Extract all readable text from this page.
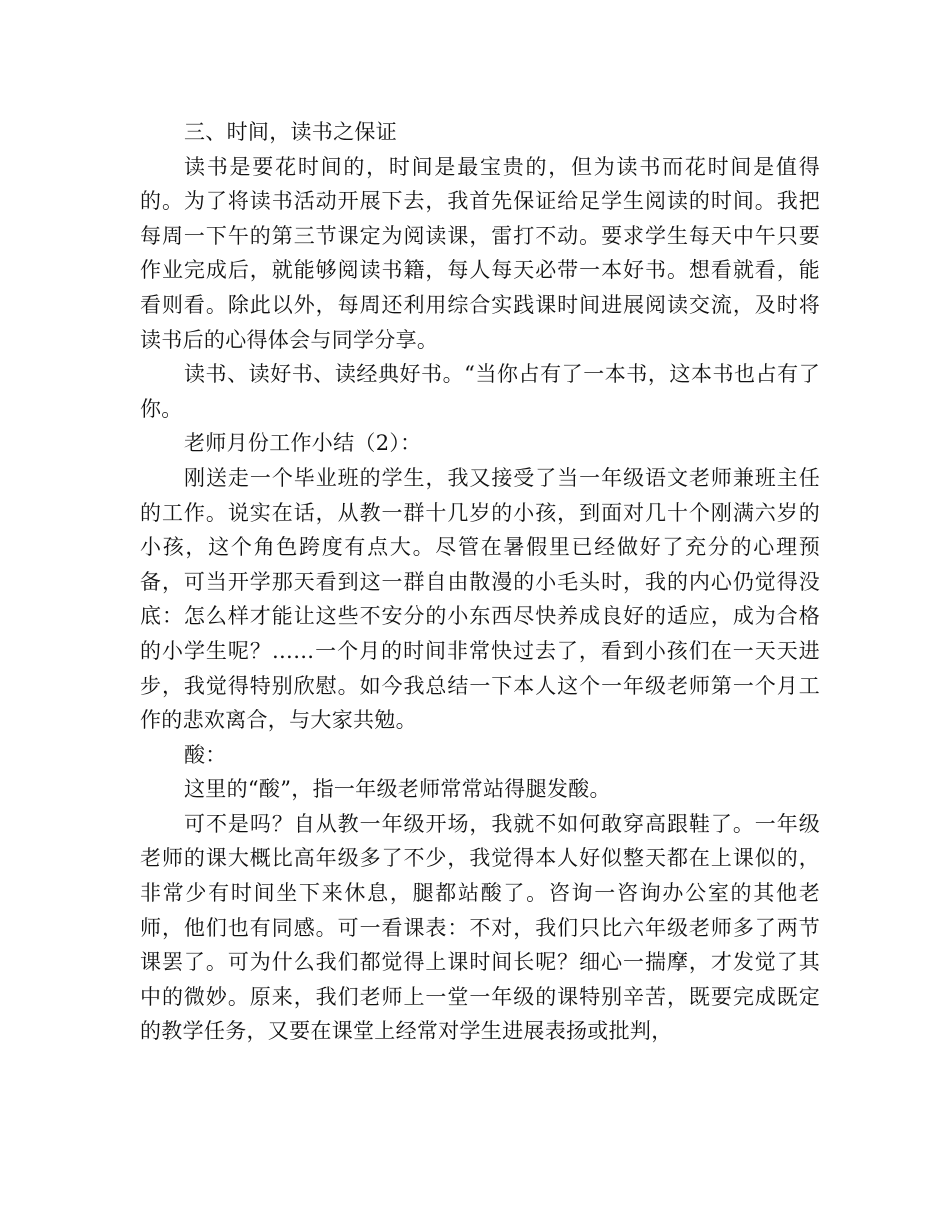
三、时间，读书之保证

读书是要花时间的，时间是最宝贵的，但为读书而花时间是值得的。为了将读书活动开展下去，我首先保证给足学生阅读的时间。我把每周一下午的第三节课定为阅读课，雷打不动。要求学生每天中午只要作业完成后，就能够阅读书籍，每人每天必带一本好书。想看就看，能看则看。除此以外，每周还利用综合实践课时间进展阅读交流，及时将读书后的心得体会与同学分享。

读书、读好书、读经典好书。“当你占有了一本书，这本书也占有了你。

老师月份工作小结（2）：

刚送走一个毕业班的学生，我又接受了当一年级语文老师兼班主任的工作。说实在话，从教一群十几岁的小孩，到面对几十个刚满六岁的小孩，这个角色跨度有点大。尽管在暑假里已经做好了充分的心理预备，可当开学那天看到这一群自由散漫的小毛头时，我的内心仍觉得没底：怎么样才能让这些不安分的小东西尽快养成良好的适应，成为合格的小学生呢？……一个月的时间非常快过去了，看到小孩们在一天天进步，我觉得特别欣慰。如今我总结一下本人这个一年级老师第一个月工作的悲欢离合，与大家共勉。

酸：

这里的“酸”，指一年级老师常常站得腿发酸。

可不是吗？自从教一年级开场，我就不如何敢穿高跟鞋了。一年级老师的课大概比高年级多了不少，我觉得本人好似整天都在上课似的，非常少有时间坐下来休息，腿都站酸了。咨询一咨询办公室的其他老师，他们也有同感。可一看课表：不对，我们只比六年级老师多了两节课罢了。可为什么我们都觉得上课时间长呢？细心一揣摩，才发觉了其中的微妙。原来，我们老师上一堂一年级的课特别辛苦，既要完成既定的教学任务，又要在课堂上经常对学生进展表扬或批判，
